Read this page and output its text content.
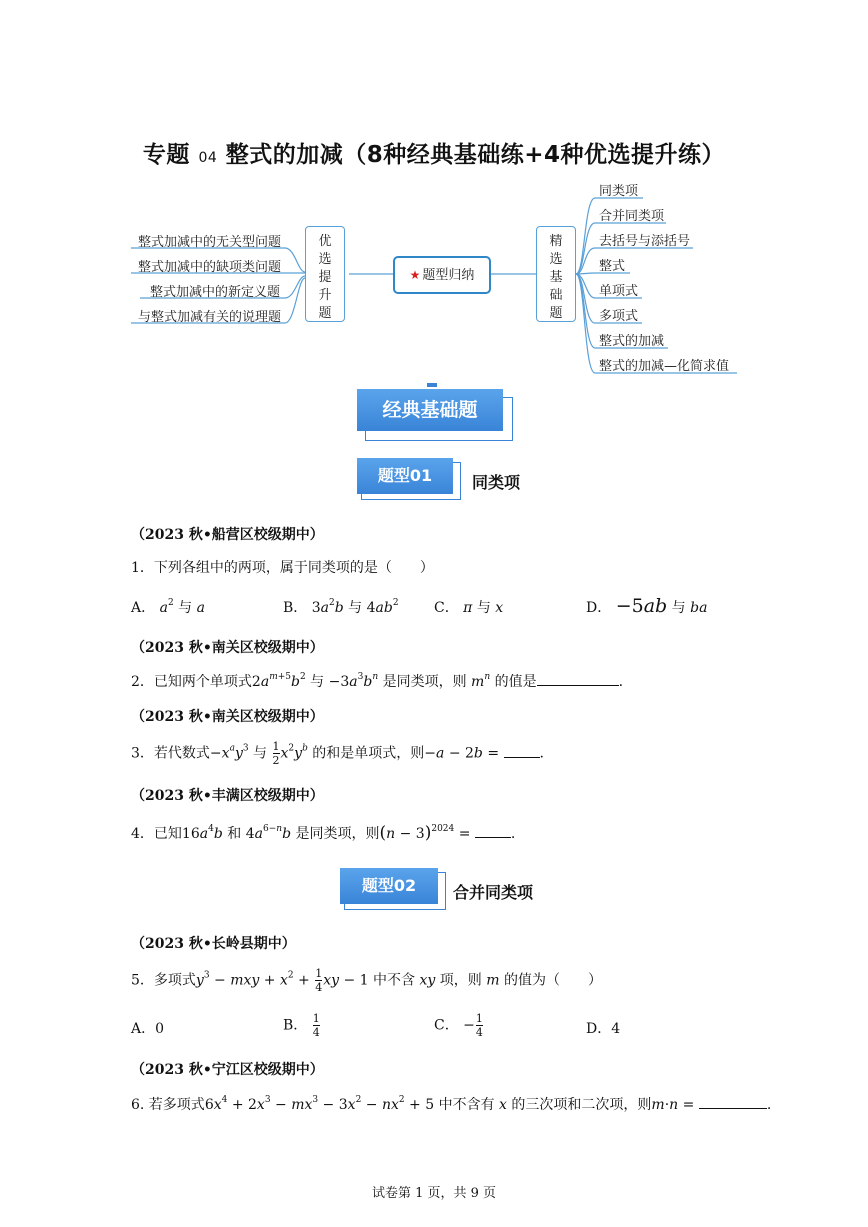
专题 04 整式的加减（8种经典基础练+4种优选提升练）
整式加减中的无关型问题
整式加减中的缺项类问题
整式加减中的新定义题
与整式加减有关的说理题
优
选
提
升
题
★ 题型归纳
精
选
基
础
题
同类项
合并同类项
去括号与添括号
整式
单项式
多项式
整式的加减
整式的加减—化简求值
经典基础题
题型01	同类项
（2023 秋•船营区校级期中）
1．下列各组中的两项，属于同类项的是（　　）
A． $a^2$ 与 a	B． $3a^2b$ 与 $4ab^2$	C． π 与 x	D． −5ab 与 ba
（2023 秋•南关区校级期中）
2．已知两个单项式$2a^{m+5}b^2$ 与 $-3a^3b^n$ 是同类项，则 $m^n$ 的值是	.
（2023 秋•南关区校级期中）
3．若代数式$-x^ay^3$ 与 $\frac{1}{2} x^2y^b$ 的和是单项式，则−a − 2b =	.
（2023 秋•丰满区校级期中）
4．已知$16a^4b$ 和 $4a^{6-n}b$ 是同类项，则$(n - 3)^{2024}$ =	.
题型02	合并同类项
（2023 秋•长岭县期中）
5．多项式$y^3$ − mxy + $x^2 + \frac{1}{4}$ xy − 1 中不含 xy 项，则 m 的值为（　　）
A．0	B． $\frac{1}{4}$	C． − $\frac{1}{4}$	D．4
（2023 秋•宁江区校级期中）
6. 若多项式$6x^4 + 2x^3 - mx^3 - 3x^2 - nx^2 + 5$ 中不含有 x 的三次项和二次项，则m·n =	.
试卷第 1 页，共 9 页
